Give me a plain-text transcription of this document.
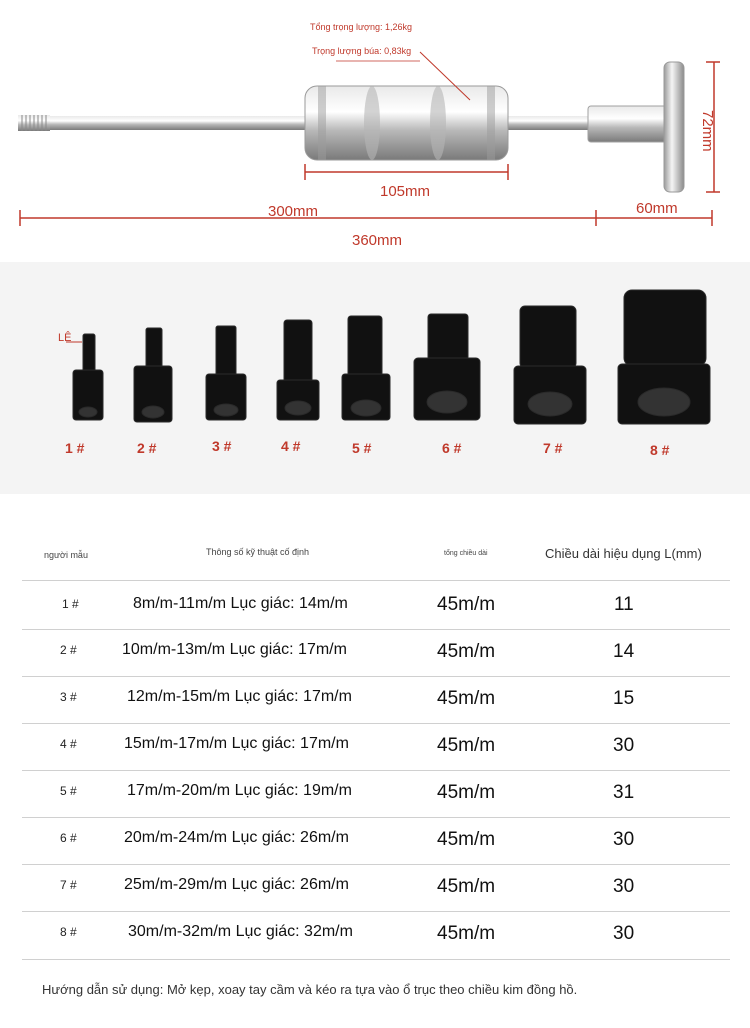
Tổng trọng lượng: 1,26kg
Trọng lượng búa: 0,83kg
105mm
300mm	60mm
360mm
72mm
LÊ
1 #	2 #	3 #	4 #	5 #	6 #	7 #	8 #
người mẫu	Thông số kỹ thuật cố định	tổng chiều dài	Chiều dài hiệu dụng L(mm)
1 #	8m/m-11m/m Lục giác: 14m/m	45m/m	11
2 #	10m/m-13m/m Lục giác: 17m/m	45m/m	14
3 #	12m/m-15m/m Lục giác: 17m/m	45m/m	15
4 #	15m/m-17m/m Lục giác: 17m/m	45m/m	30
5 #	17m/m-20m/m Lục giác: 19m/m	45m/m	31
6 #	20m/m-24m/m Lục giác: 26m/m	45m/m	30
7 #	25m/m-29m/m Lục giác: 26m/m	45m/m	30
8 #	30m/m-32m/m Lục giác: 32m/m	45m/m	30
Hướng dẫn sử dụng: Mở kẹp, xoay tay cầm và kéo ra tựa vào ổ trục theo chiều kim đồng hồ.
